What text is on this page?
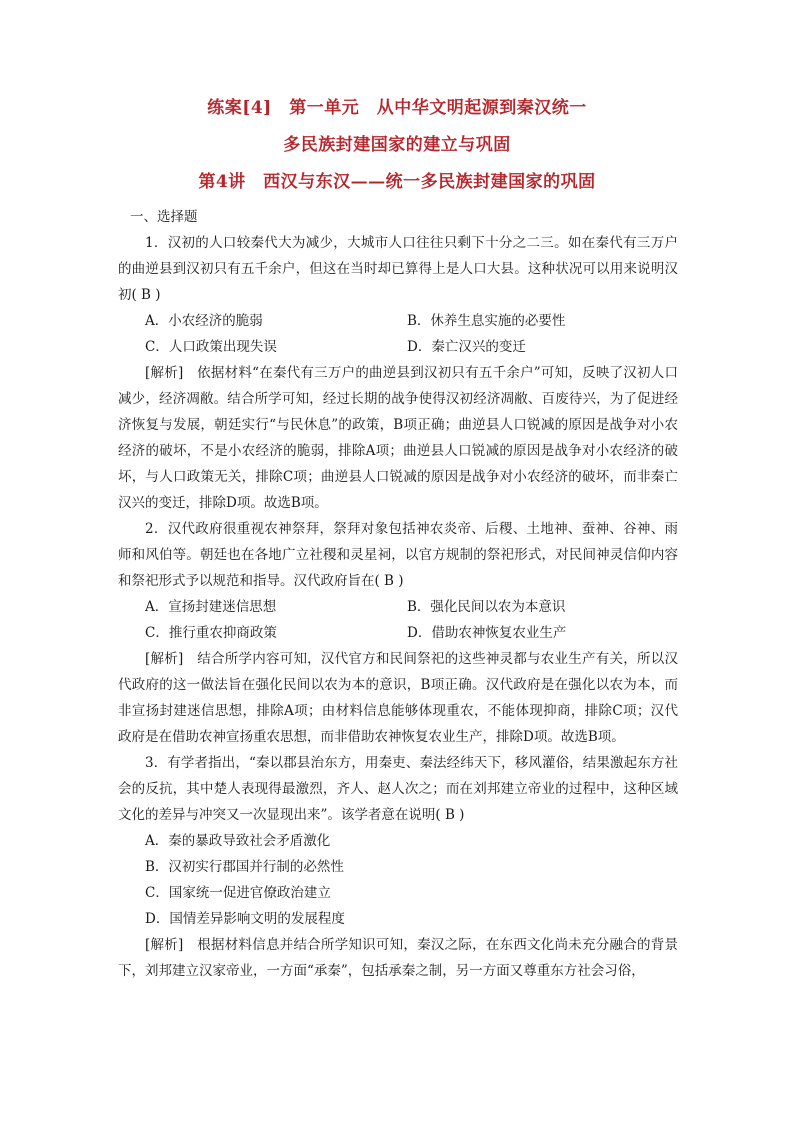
练案[4]　第一单元　从中华文明起源到秦汉统一
多民族封建国家的建立与巩固
第4讲　西汉与东汉——统一多民族封建国家的巩固
一、选择题

1．汉初的人口较秦代大为减少，大城市人口往往只剩下十分之二三。如在秦代有三万户的曲逆县到汉初只有五千余户，但这在当时却已算得上是人口大县。这种状况可以用来说明汉初( B )

A．小农经济的脆弱	B．休养生息实施的必要性
C．人口政策出现失误	D．秦亡汉兴的变迁

[解析]　依据材料“在秦代有三万户的曲逆县到汉初只有五千余户”可知，反映了汉初人口减少，经济凋敝。结合所学可知，经过长期的战争使得汉初经济凋敝、百废待兴，为了促进经济恢复与发展，朝廷实行“与民休息”的政策，B项正确；曲逆县人口锐减的原因是战争对小农经济的破坏，不是小农经济的脆弱，排除A项；曲逆县人口锐减的原因是战争对小农经济的破坏，与人口政策无关，排除C项；曲逆县人口锐减的原因是战争对小农经济的破坏，而非秦亡汉兴的变迁，排除D项。故选B项。

2．汉代政府很重视农神祭拜，祭拜对象包括神农炎帝、后稷、土地神、蚕神、谷神、雨师和风伯等。朝廷也在各地广立社稷和灵星祠，以官方规制的祭祀形式，对民间神灵信仰内容和祭祀形式予以规范和指导。汉代政府旨在( B )

A．宣扬封建迷信思想	B．强化民间以农为本意识
C．推行重农抑商政策	D．借助农神恢复农业生产

[解析]　结合所学内容可知，汉代官方和民间祭祀的这些神灵都与农业生产有关，所以汉代政府的这一做法旨在强化民间以农为本的意识，B项正确。汉代政府是在强化以农为本，而非宣扬封建迷信思想，排除A项；由材料信息能够体现重农，不能体现抑商，排除C项；汉代政府是在借助农神宣扬重农思想，而非借助农神恢复农业生产，排除D项。故选B项。

3．有学者指出，“秦以郡县治东方，用秦吏、秦法经纬天下，移风灌俗，结果激起东方社会的反抗，其中楚人表现得最激烈，齐人、赵人次之；而在刘邦建立帝业的过程中，这种区域文化的差异与冲突又一次显现出来”。该学者意在说明( B )

A．秦的暴政导致社会矛盾激化
B．汉初实行郡国并行制的必然性
C．国家统一促进官僚政治建立
D．国情差异影响文明的发展程度

[解析]　根据材料信息并结合所学知识可知，秦汉之际，在东西文化尚未充分融合的背景下，刘邦建立汉家帝业，一方面“承秦”，包括承秦之制，另一方面又尊重东方社会习俗，
